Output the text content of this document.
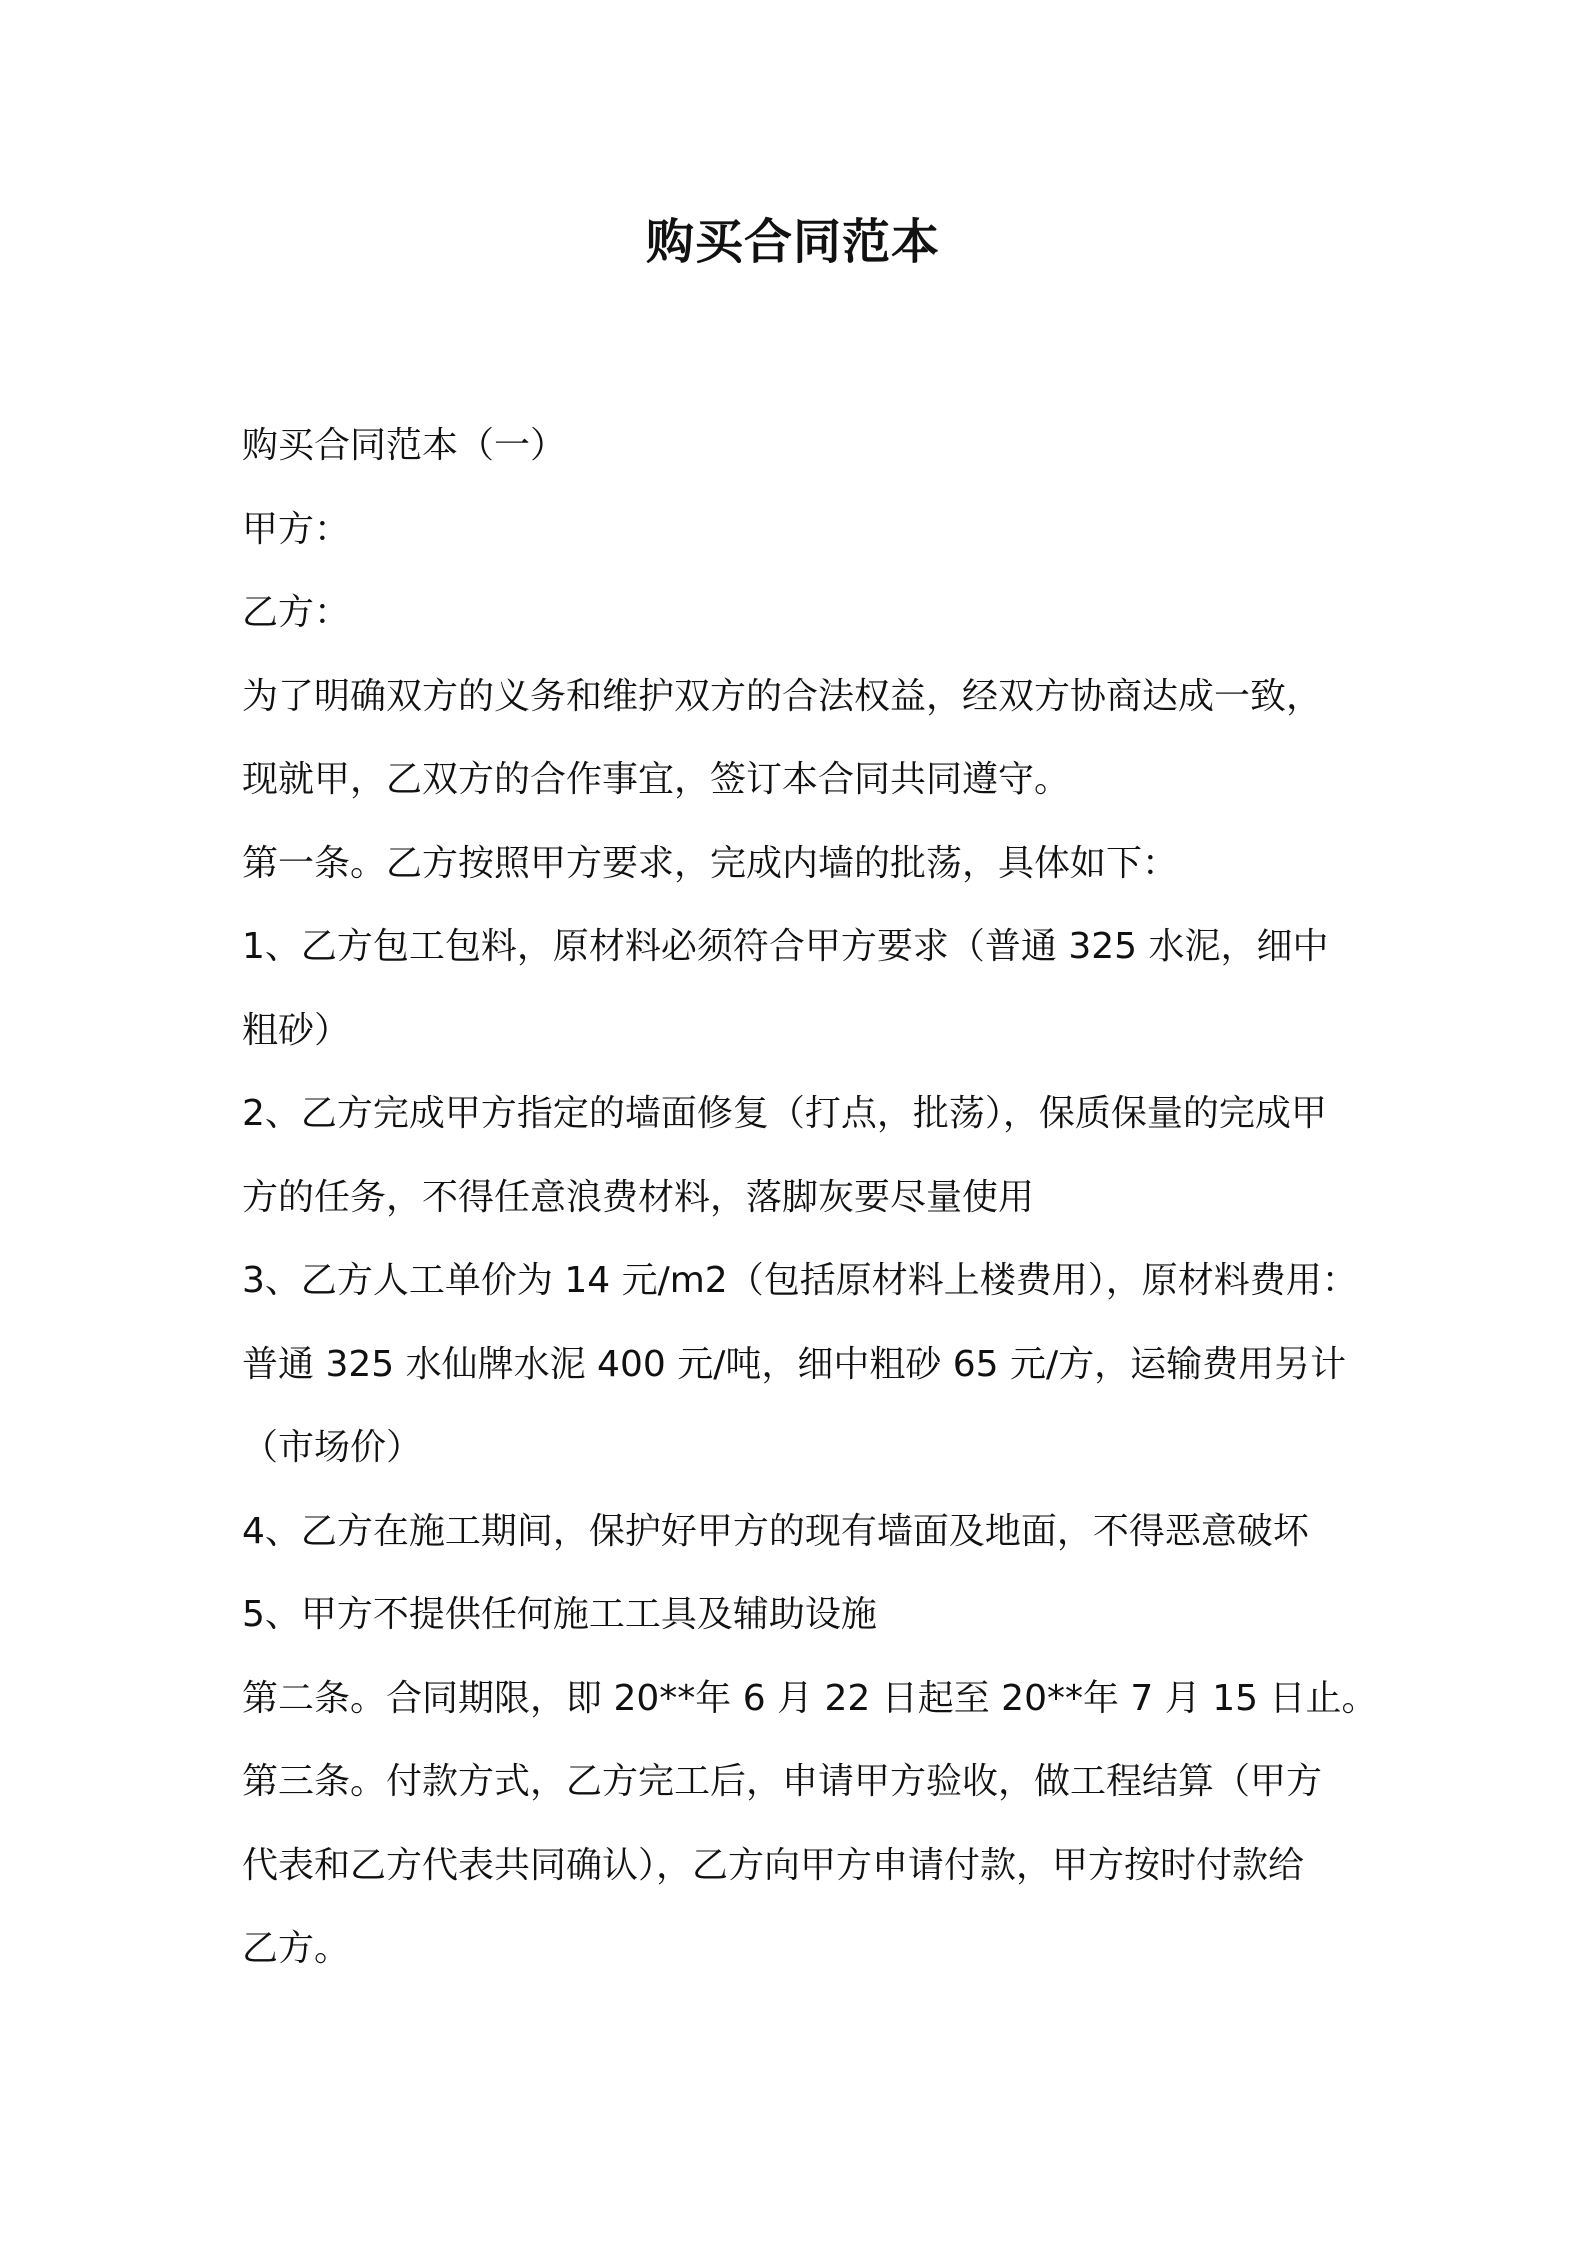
购买合同范本
购买合同范本（一）
甲方：
乙方：
为了明确双方的义务和维护双方的合法权益，经双方协商达成一致，
现就甲，乙双方的合作事宜，签订本合同共同遵守。
第一条。乙方按照甲方要求，完成内墙的批荡，具体如下：
1、乙方包工包料，原材料必须符合甲方要求（普通 325 水泥，细中
粗砂）
2、乙方完成甲方指定的墙面修复（打点，批荡），保质保量的完成甲
方的任务，不得任意浪费材料，落脚灰要尽量使用
3、乙方人工单价为 14 元/m2（包括原材料上楼费用），原材料费用：
普通 325 水仙牌水泥 400 元/吨，细中粗砂 65 元/方，运输费用另计
（市场价）
4、乙方在施工期间，保护好甲方的现有墙面及地面，不得恶意破坏
5、甲方不提供任何施工工具及辅助设施
第二条。合同期限，即 20**年 6 月 22 日起至 20**年 7 月 15 日止。
第三条。付款方式，乙方完工后，申请甲方验收，做工程结算（甲方
代表和乙方代表共同确认），乙方向甲方申请付款，甲方按时付款给
乙方。
